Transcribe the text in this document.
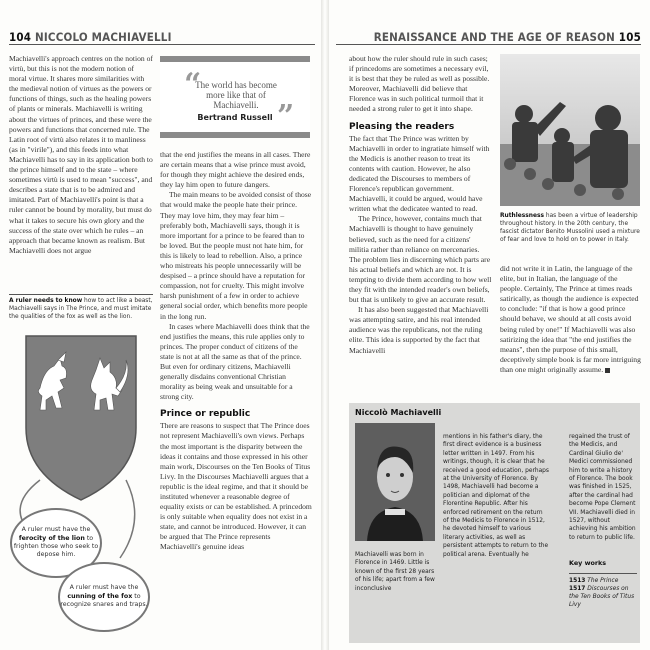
104 NICCOLO MACHIAVELLI	RENAISSANCE AND THE AGE OF REASON 105

Machiavelli's approach centres on the notion of virtù, but this is not the modern notion of moral virtue. It shares more similarities with the medieval notion of virtues as the powers or functions of things, such as the healing powers of plants or minerals. Machiavelli is writing about the virtues of princes, and these were the powers and functions that concerned rule. The Latin root of virtù also relates it to manliness (as in "virile"), and this feeds into what Machiavelli has to say in its application both to the prince himself and to the state – where sometimes virtù is used to mean "success", and describes a state that is to be admired and imitated. Part of Machiavelli's point is that a ruler cannot be bound by morality, but must do what it takes to secure his own glory and the success of the state over which he rules – an approach that became known as realism. But Machiavelli does not argue

A ruler needs to know how to act like a beast, Machiavelli says in The Prince, and must imitate the qualities of the fox as well as the lion.
A ruler must have the ferocity of the lion to frighten those who seek to depose him.
A ruler must have the cunning of the fox to recognize snares and traps.
“
The world has become more like that of Machiavelli.
Bertrand Russell ”

that the end justifies the means in all cases. There are certain means that a wise prince must avoid, for though they might achieve the desired ends, they lay him open to future dangers.

The main means to be avoided consist of those that would make the people hate their prince. They may love him, they may fear him – preferably both, Machiavelli says, though it is more important for a prince to be feared than to be loved. But the people must not hate him, for this is likely to lead to rebellion. Also, a prince who mistreats his people unnecessarily will be despised – a prince should have a reputation for compassion, not for cruelty. This might involve harsh punishment of a few in order to achieve general social order, which benefits more people in the long run.

In cases where Machiavelli does think that the end justifies the means, this rule applies only to princes. The proper conduct of citizens of the state is not at all the same as that of the prince. But even for ordinary citizens, Machiavelli generally disdains conventional Christian morality as being weak and unsuitable for a strong city.

Prince or republic

There are reasons to suspect that The Prince does not represent Machiavelli's own views. Perhaps the most important is the disparity between the ideas it contains and those expressed in his other main work, Discourses on the Ten Books of Titus Livy. In the Discourses Machiavelli argues that a republic is the ideal regime, and that it should be instituted whenever a reasonable degree of equality exists or can be established. A princedom is only suitable when equality does not exist in a state, and cannot be introduced. However, it can be argued that The Prince represents Machiavelli's genuine ideas

about how the ruler should rule in such cases; if princedoms are sometimes a necessary evil, it is best that they be ruled as well as possible. Moreover, Machiavelli did believe that Florence was in such political turmoil that it needed a strong ruler to get it into shape.

Pleasing the readers

The fact that The Prince was written by Machiavelli in order to ingratiate himself with the Medicis is another reason to treat its contents with caution. However, he also dedicated the Discourses to members of Florence's republican government. Machiavelli, it could be argued, would have written what the dedicatee wanted to read.

The Prince, however, contains much that Machiavelli is thought to have genuinely believed, such as the need for a citizens' militia rather than reliance on mercenaries. The problem lies in discerning which parts are his actual beliefs and which are not. It is tempting to divide them according to how well they fit with the intended reader's own beliefs, but that is unlikely to give an accurate result.

It has also been suggested that Machiavelli was attempting satire, and his real intended audience was the republicans, not the ruling elite. This idea is supported by the fact that Machiavelli

Ruthlessness has been a virtue of leadership throughout history. In the 20th century, the fascist dictator Benito Mussolini used a mixture of fear and love to hold on to power in Italy.

did not write it in Latin, the language of the elite, but in Italian, the language of the people. Certainly, The Prince at times reads satirically, as though the audience is expected to conclude: "if that is how a good prince should behave, we should at all costs avoid being ruled by one!" If Machiavelli was also satirizing the idea that "the end justifies the means", then the purpose of this small, deceptively simple book is far more intriguing than one might originally assume.

Niccolò Machiavelli
Machiavelli was born in Florence in 1469. Little is known of the first 28 years of his life; apart from a few inconclusive
mentions in his father's diary, the first direct evidence is a business letter written in 1497. From his writings, though, it is clear that he received a good education, perhaps at the University of Florence. By 1498, Machiavelli had become a politician and diplomat of the Florentine Republic. After his enforced retirement on the return of the Medicis to Florence in 1512, he devoted himself to various literary activities, as well as persistent attempts to return to the political arena. Eventually he
regained the trust of the Medicis, and Cardinal Giulio de' Medici commissioned him to write a history of Florence. The book was finished in 1525, after the cardinal had become Pope Clement VII. Machiavelli died in 1527, without achieving his ambition to return to public life.
Key works
1513 The Prince
1517 Discourses on the Ten Books of Titus Livy
